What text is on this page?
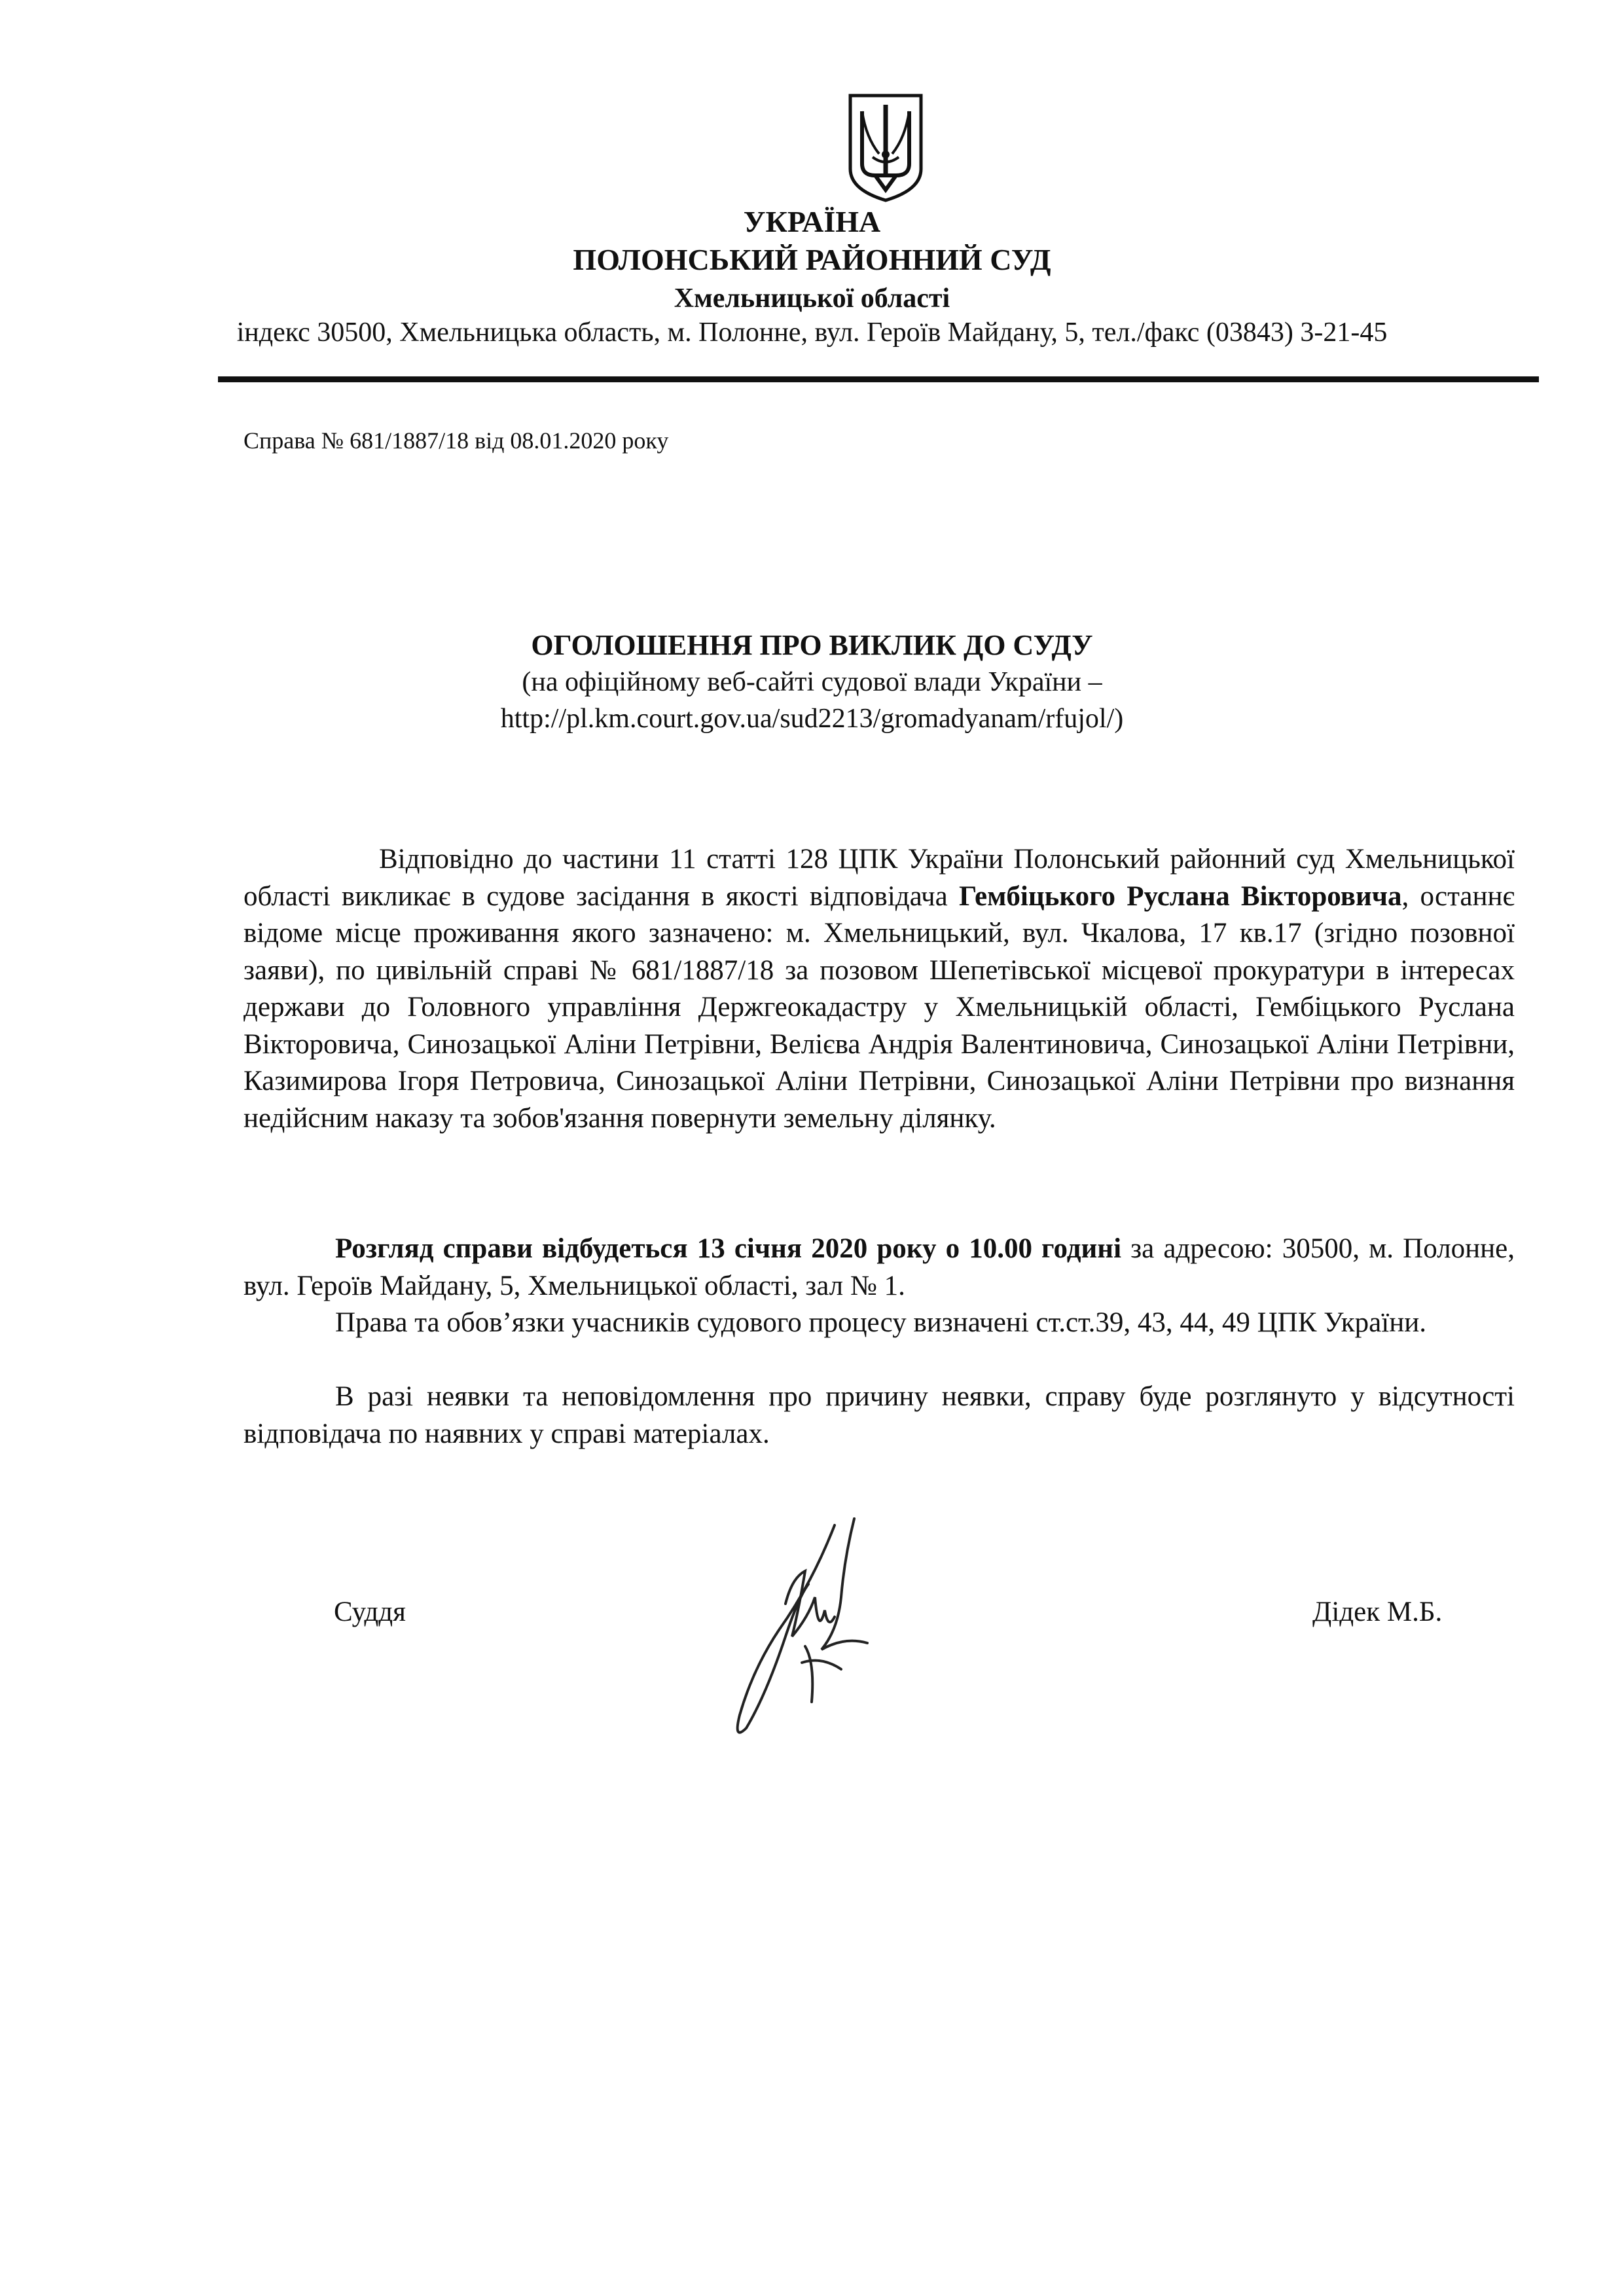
УКРАЇНА
ПОЛОНСЬКИЙ РАЙОННИЙ СУД
Хмельницької області
індекс 30500, Хмельницька область, м. Полонне, вул. Героїв Майдану, 5, тел./факс (03843) 3-21-45
Справа № 681/1887/18 від 08.01.2020 року
ОГОЛОШЕННЯ ПРО ВИКЛИК ДО СУДУ
(на офіційному веб-сайті судової влади України –
http://pl.km.court.gov.ua/sud2213/gromadyanam/rfujol/)

Відповідно до частини 11 статті 128 ЦПК України Полонський районний суд Хмельницької області викликає в судове засідання в якості відповідача Гембіцького Руслана Вікторовича, останнє відоме місце проживання якого зазначено: м. Хмельницький, вул. Чкалова, 17 кв.17 (згідно позовної заяви), по цивільній справі № 681/1887/18 за позовом Шепетівської місцевої прокуратури в інтересах держави до Головного управління Держгеокадастру у Хмельницькій області, Гембіцького Руслана Вікторовича, Синозацької Аліни Петрівни, Велієва Андрія Валентиновича, Синозацької Аліни Петрівни, Казимирова Ігоря Петровича, Синозацької Аліни Петрівни, Синозацької Аліни Петрівни про визнання недійсним наказу та зобов'язання повернути земельну ділянку.

Розгляд справи відбудеться 13 січня 2020 року о 10.00 годині за адресою: 30500, м. Полонне, вул. Героїв Майдану, 5, Хмельницької області, зал № 1.

Права та обов’язки учасників судового процесу визначені ст.ст.39, 43, 44, 49 ЦПК України.

В разі неявки та неповідомлення про причину неявки, справу буде розглянуто у відсутності відповідача по наявних у справі матеріалах.

Суддя	Дідек М.Б.
